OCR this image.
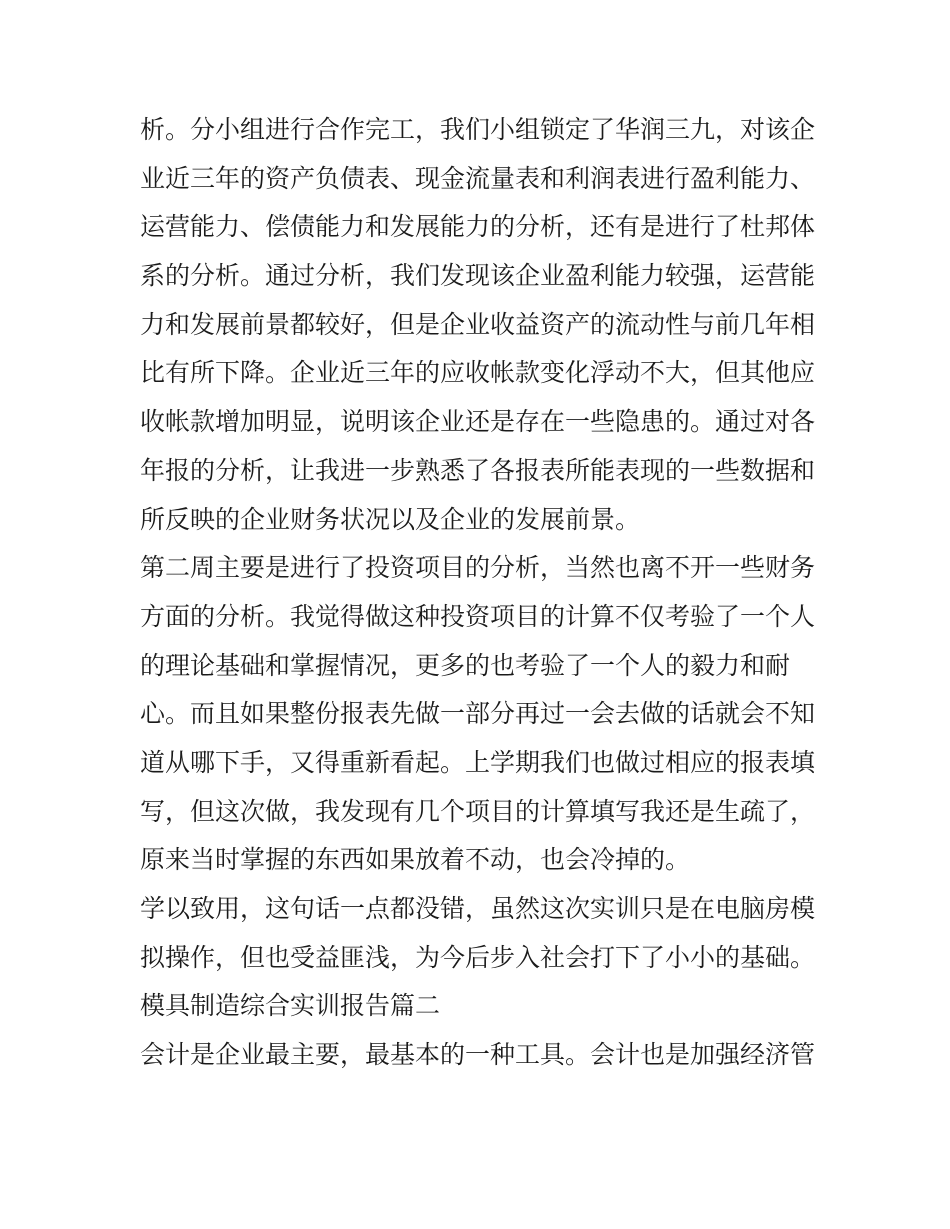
析。分小组进行合作完工，我们小组锁定了华润三九，对该企
业近三年的资产负债表、现金流量表和利润表进行盈利能力、
运营能力、偿债能力和发展能力的分析，还有是进行了杜邦体
系的分析。通过分析，我们发现该企业盈利能力较强，运营能
力和发展前景都较好，但是企业收益资产的流动性与前几年相
比有所下降。企业近三年的应收帐款变化浮动不大，但其他应
收帐款增加明显，说明该企业还是存在一些隐患的。通过对各
年报的分析，让我进一步熟悉了各报表所能表现的一些数据和
所反映的企业财务状况以及企业的发展前景。
第二周主要是进行了投资项目的分析，当然也离不开一些财务
方面的分析。我觉得做这种投资项目的计算不仅考验了一个人
的理论基础和掌握情况，更多的也考验了一个人的毅力和耐
心。而且如果整份报表先做一部分再过一会去做的话就会不知
道从哪下手，又得重新看起。上学期我们也做过相应的报表填
写，但这次做，我发现有几个项目的计算填写我还是生疏了，
原来当时掌握的东西如果放着不动，也会冷掉的。
学以致用，这句话一点都没错，虽然这次实训只是在电脑房模
拟操作，但也受益匪浅，为今后步入社会打下了小小的基础。
模具制造综合实训报告篇二
会计是企业最主要，最基本的一种工具。会计也是加强经济管
